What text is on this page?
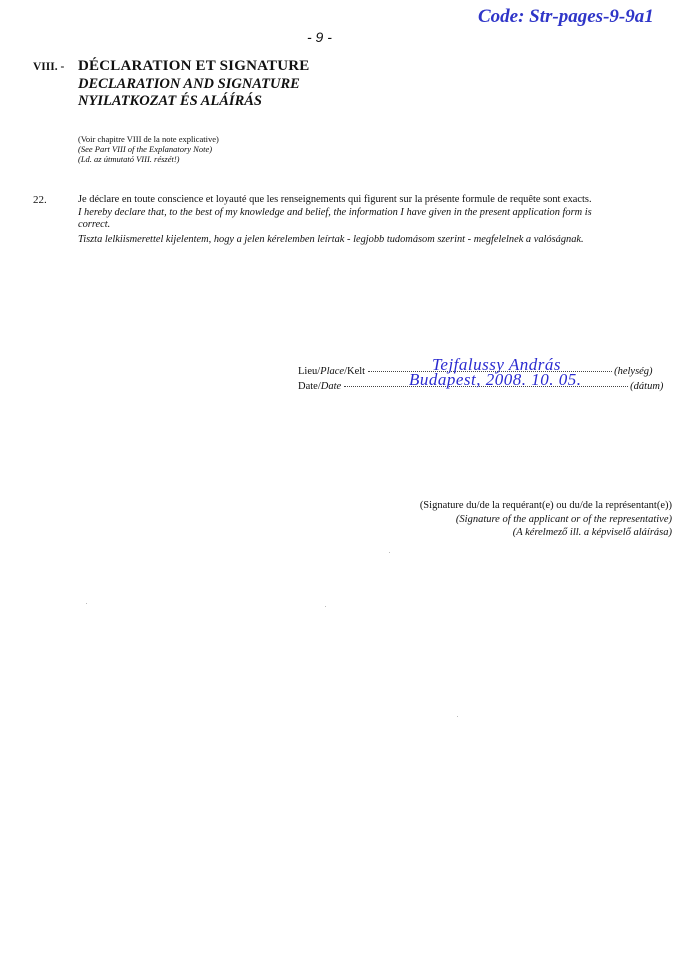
Code: Str-pages-9-9a1
- 9 -
VIII. - DÉCLARATION ET SIGNATURE
DECLARATION AND SIGNATURE
NYILATKOZAT ÉS ALÁÍRÁS
(Voir chapitre VIII de la note explicative)
(See Part VIII of the Explanatory Note)
(Ld. az útmutató VIII. részét!)
22.	Je déclare en toute conscience et loyauté que les renseignements qui figurent sur la présente formule de requête sont exacts.
I hereby declare that, to the best of my knowledge and belief, the information I have given in the present application form is
correct.
Tiszta lelkiismerettel kijelentem, hogy a jelen kérelemben leírtak - legjobb tudomásom szerint - megfelelnek a valóságnak.
Lieu/Place/Kelt	(helység)
Tejfalussy András
Date/Date	(dátum)
Budapest, 2008. 10. 05.
(Signature du/de la requérant(e) ou du/de la représentant(e))
(Signature of the applicant or of the representative)
(A kérelmező ill. a képviselő aláírása)
